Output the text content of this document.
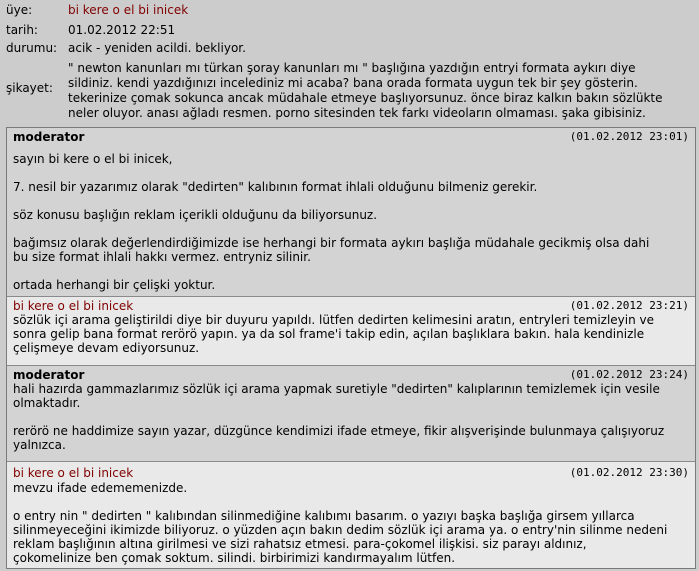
üye:	bi kere o el bi inicek
tarih:	01.02.2012 22:51
durumu: acik - yeniden acildi. bekliyor.
şikayet:
" newton kanunları mı türkan şoray kanunları mı " başlığına yazdığın entryi formata aykırı diye
sildiniz. kendi yazdığınızı incelediniz mi acaba? bana orada formata uygun tek bir şey gösterin.
tekerinize çomak sokunca ancak müdahale etmeye başlıyorsunuz. önce biraz kalkın bakın sözlükte
neler oluyor. anası ağladı resmen. porno sitesinden tek farkı videoların olmaması. şaka gibisiniz.
moderator	(01.02.2012 23:01)
sayın bi kere o el bi inicek,
7. nesil bir yazarımız olarak "dedirten" kalıbının format ihlali olduğunu bilmeniz gerekir.
söz konusu başlığın reklam içerikli olduğunu da biliyorsunuz.
bağımsız olarak değerlendirdiğimizde ise herhangi bir formata aykırı başlığa müdahale gecikmiş olsa dahi
bu size format ihlali hakkı vermez. entryniz silinir.
ortada herhangi bir çelişki yoktur.
bi kere o el bi inicek	(01.02.2012 23:21)
sözlük içi arama geliştirildi diye bir duyuru yapıldı. lütfen dedirten kelimesini aratın, entryleri temizleyin ve
sonra gelip bana format rerörö yapın. ya da sol frame'i takip edin, açılan başlıklara bakın. hala kendinizle
çelişmeye devam ediyorsunuz.
moderator	(01.02.2012 23:24)
hali hazırda gammazlarımız sözlük içi arama yapmak suretiyle "dedirten" kalıplarının temizlemek için vesile
olmaktadır.
rerörö ne haddimize sayın yazar, düzgünce kendimizi ifade etmeye, fikir alışverişinde bulunmaya çalışıyoruz
yalnızca.
bi kere o el bi inicek	(01.02.2012 23:30)
mevzu ifade edememenizde.
o entry nin " dedirten " kalıbından silinmediğine kalıbımı basarım. o yazıyı başka başlığa girsem yıllarca
silinmeyeceğini ikimizde biliyoruz. o yüzden açın bakın dedim sözlük içi arama ya. o entry'nin silinme nedeni
reklam başlığının altına girilmesi ve sizi rahatsız etmesi. para-çokomel ilişkisi. siz parayı aldınız,
çokomelinize ben çomak soktum. silindi. birbirimizi kandırmayalım lütfen.
